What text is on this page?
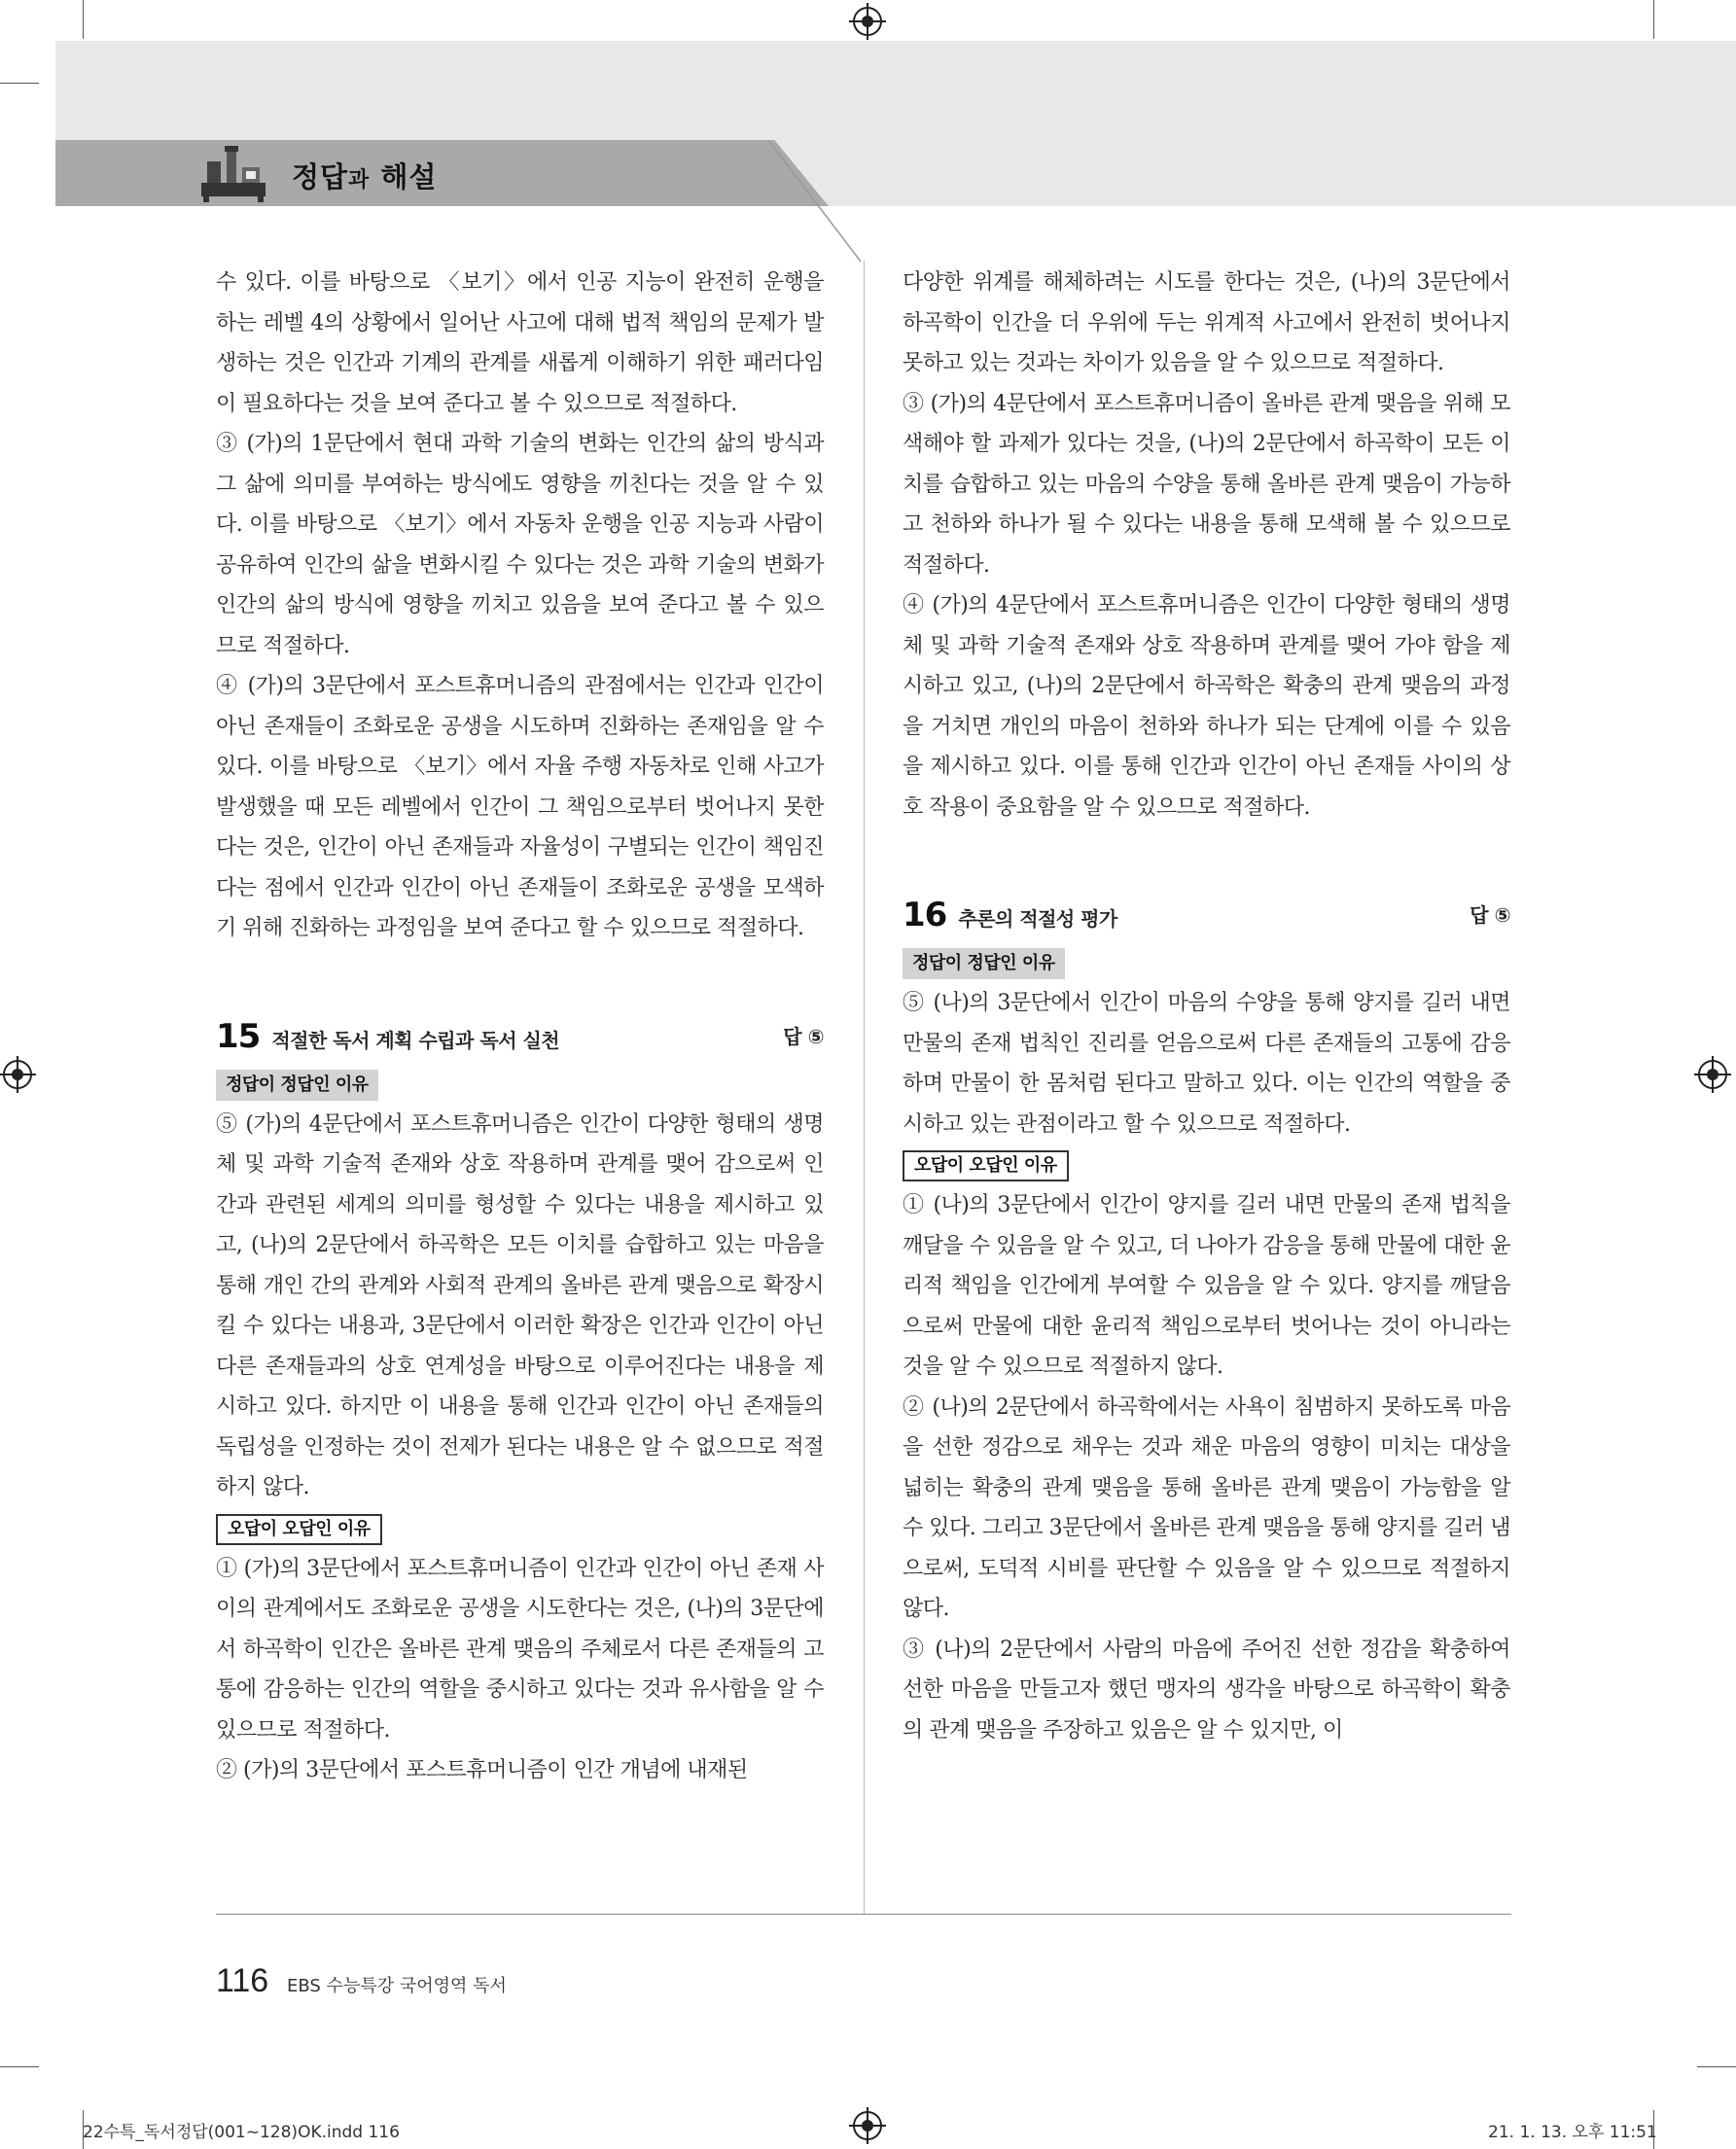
정답과 해설

수 있다. 이를 바탕으로 〈보기〉에서 인공 지능이 완전히 운행을 하는 레벨 4의 상황에서 일어난 사고에 대해 법적 책임의 문제가 발생하는 것은 인간과 기계의 관계를 새롭게 이해하기 위한 패러다임이 필요하다는 것을 보여 준다고 볼 수 있으므로 적절하다.

③ (가)의 1문단에서 현대 과학 기술의 변화는 인간의 삶의 방식과 그 삶에 의미를 부여하는 방식에도 영향을 끼친다는 것을 알 수 있다. 이를 바탕으로 〈보기〉에서 자동차 운행을 인공 지능과 사람이 공유하여 인간의 삶을 변화시킬 수 있다는 것은 과학 기술의 변화가 인간의 삶의 방식에 영향을 끼치고 있음을 보여 준다고 볼 수 있으므로 적절하다.

④ (가)의 3문단에서 포스트휴머니즘의 관점에서는 인간과 인간이 아닌 존재들이 조화로운 공생을 시도하며 진화하는 존재임을 알 수 있다. 이를 바탕으로 〈보기〉에서 자율 주행 자동차로 인해 사고가 발생했을 때 모든 레벨에서 인간이 그 책임으로부터 벗어나지 못한다는 것은, 인간이 아닌 존재들과 자율성이 구별되는 인간이 책임진다는 점에서 인간과 인간이 아닌 존재들이 조화로운 공생을 모색하기 위해 진화하는 과정임을 보여 준다고 할 수 있으므로 적절하다.

15 적절한 독서 계획 수립과 독서 실천	답 ⑤
정답이 정답인 이유

⑤ (가)의 4문단에서 포스트휴머니즘은 인간이 다양한 형태의 생명체 및 과학 기술적 존재와 상호 작용하며 관계를 맺어 감으로써 인간과 관련된 세계의 의미를 형성할 수 있다는 내용을 제시하고 있고, (나)의 2문단에서 하곡학은 모든 이치를 습합하고 있는 마음을 통해 개인 간의 관계와 사회적 관계의 올바른 관계 맺음으로 확장시킬 수 있다는 내용과, 3문단에서 이러한 확장은 인간과 인간이 아닌 다른 존재들과의 상호 연계성을 바탕으로 이루어진다는 내용을 제시하고 있다. 하지만 이 내용을 통해 인간과 인간이 아닌 존재들의 독립성을 인정하는 것이 전제가 된다는 내용은 알 수 없으므로 적절하지 않다.

오답이 오답인 이유

① (가)의 3문단에서 포스트휴머니즘이 인간과 인간이 아닌 존재 사이의 관계에서도 조화로운 공생을 시도한다는 것은, (나)의 3문단에서 하곡학이 인간은 올바른 관계 맺음의 주체로서 다른 존재들의 고통에 감응하는 인간의 역할을 중시하고 있다는 것과 유사함을 알 수 있으므로 적절하다.

② (가)의 3문단에서 포스트휴머니즘이 인간 개념에 내재된

다양한 위계를 해체하려는 시도를 한다는 것은, (나)의 3문단에서 하곡학이 인간을 더 우위에 두는 위계적 사고에서 완전히 벗어나지 못하고 있는 것과는 차이가 있음을 알 수 있으므로 적절하다.

③ (가)의 4문단에서 포스트휴머니즘이 올바른 관계 맺음을 위해 모색해야 할 과제가 있다는 것을, (나)의 2문단에서 하곡학이 모든 이치를 습합하고 있는 마음의 수양을 통해 올바른 관계 맺음이 가능하고 천하와 하나가 될 수 있다는 내용을 통해 모색해 볼 수 있으므로 적절하다.

④ (가)의 4문단에서 포스트휴머니즘은 인간이 다양한 형태의 생명체 및 과학 기술적 존재와 상호 작용하며 관계를 맺어 가야 함을 제시하고 있고, (나)의 2문단에서 하곡학은 확충의 관계 맺음의 과정을 거치면 개인의 마음이 천하와 하나가 되는 단계에 이를 수 있음을 제시하고 있다. 이를 통해 인간과 인간이 아닌 존재들 사이의 상호 작용이 중요함을 알 수 있으므로 적절하다.

16 추론의 적절성 평가	답 ⑤
정답이 정답인 이유

⑤ (나)의 3문단에서 인간이 마음의 수양을 통해 양지를 길러 내면 만물의 존재 법칙인 진리를 얻음으로써 다른 존재들의 고통에 감응하며 만물이 한 몸처럼 된다고 말하고 있다. 이는 인간의 역할을 중시하고 있는 관점이라고 할 수 있으므로 적절하다.

오답이 오답인 이유

① (나)의 3문단에서 인간이 양지를 길러 내면 만물의 존재 법칙을 깨달을 수 있음을 알 수 있고, 더 나아가 감응을 통해 만물에 대한 윤리적 책임을 인간에게 부여할 수 있음을 알 수 있다. 양지를 깨달음으로써 만물에 대한 윤리적 책임으로부터 벗어나는 것이 아니라는 것을 알 수 있으므로 적절하지 않다.

② (나)의 2문단에서 하곡학에서는 사욕이 침범하지 못하도록 마음을 선한 정감으로 채우는 것과 채운 마음의 영향이 미치는 대상을 넓히는 확충의 관계 맺음을 통해 올바른 관계 맺음이 가능함을 알 수 있다. 그리고 3문단에서 올바른 관계 맺음을 통해 양지를 길러 냄으로써, 도덕적 시비를 판단할 수 있음을 알 수 있으므로 적절하지 않다.

③ (나)의 2문단에서 사람의 마음에 주어진 선한 정감을 확충하여 선한 마음을 만들고자 했던 맹자의 생각을 바탕으로 하곡학이 확충의 관계 맺음을 주장하고 있음은 알 수 있지만, 이

116 EBS 수능특강 국어영역 독서
22수특_독서정답(001~128)OK.indd 116	21. 1. 13. 오후 11:51
